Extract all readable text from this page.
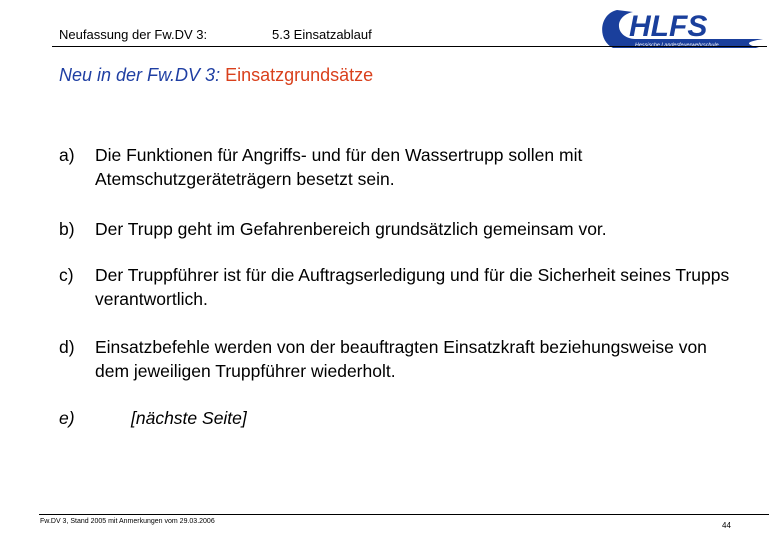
Neufassung der Fw.DV 3:	5.3 Einsatzablauf	HLFS
Neu in der Fw.DV 3: Einsatzgrundsätze
a)	Die Funktionen für Angriffs- und für den Wassertrupp sollen mit Atemschutzgeräteträgern besetzt sein.
b)	Der Trupp geht im Gefahrenbereich grundsätzlich gemeinsam vor.
c)	Der Truppführer ist für die Auftragserledigung und für die Sicherheit seines Trupps verantwortlich.
d)	Einsatzbefehle werden von der beauftragten Einsatzkraft beziehungsweise von dem jeweiligen Truppführer wiederholt.
e)	[nächste Seite]
Fw.DV 3, Stand 2005 mit Anmerkungen vom 29.03.2006	44
